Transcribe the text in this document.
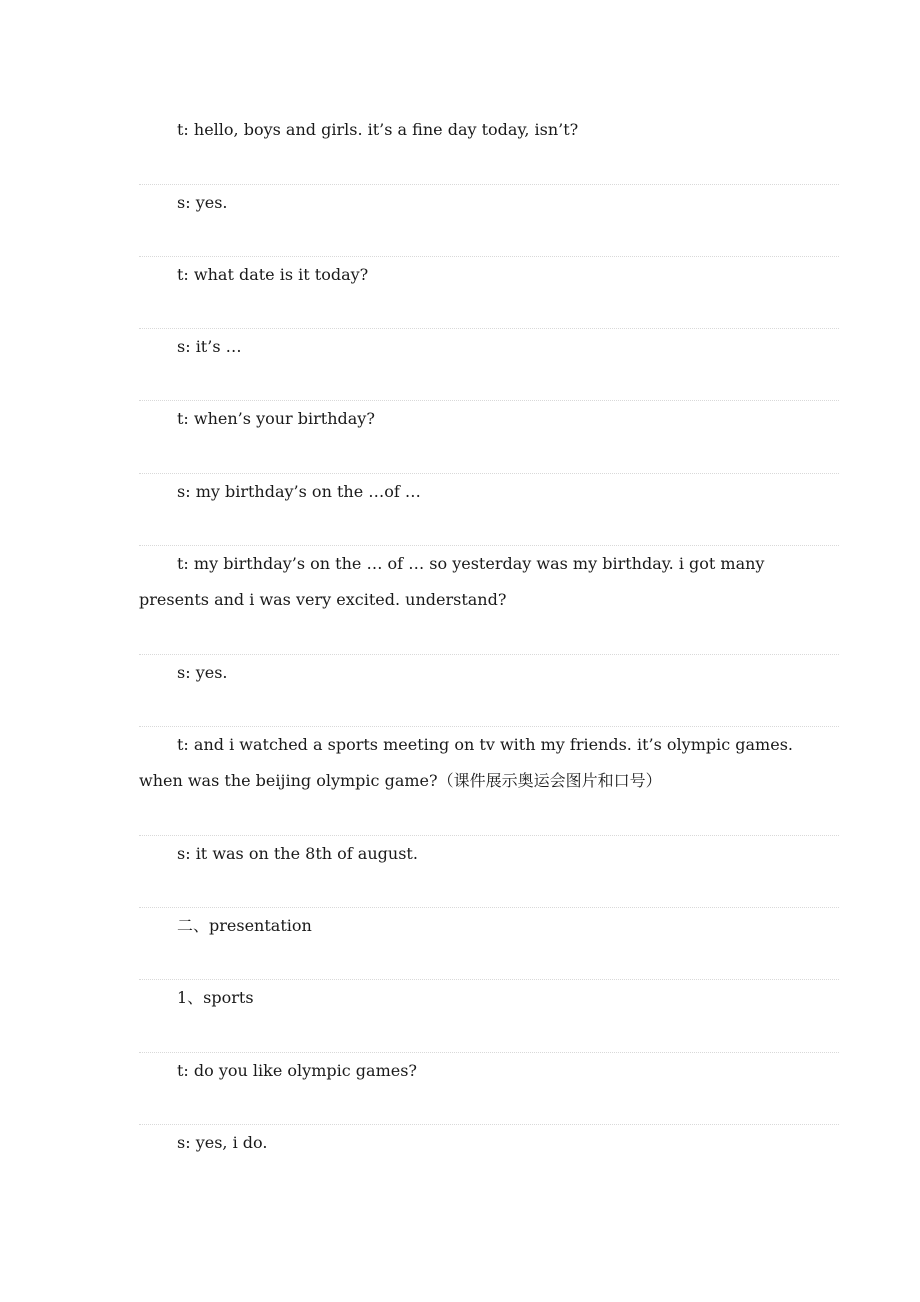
t: hello, boys and girls. it’s a fine day today, isn’t?
s: yes.
t: what date is it today?
s: it’s …
t: when’s your birthday?
s: my birthday’s on the …of …
t: my birthday’s on the … of … so yesterday was my birthday. i got many presents and i was very excited. understand?
s: yes.
t: and i watched a sports meeting on tv with my friends. it’s olympic games. when was the beijing olympic game?（课件展示奥运会图片和口号）
s: it was on the 8th of august.
二、presentation
1、sports
t: do you like olympic games?
s: yes, i do.
